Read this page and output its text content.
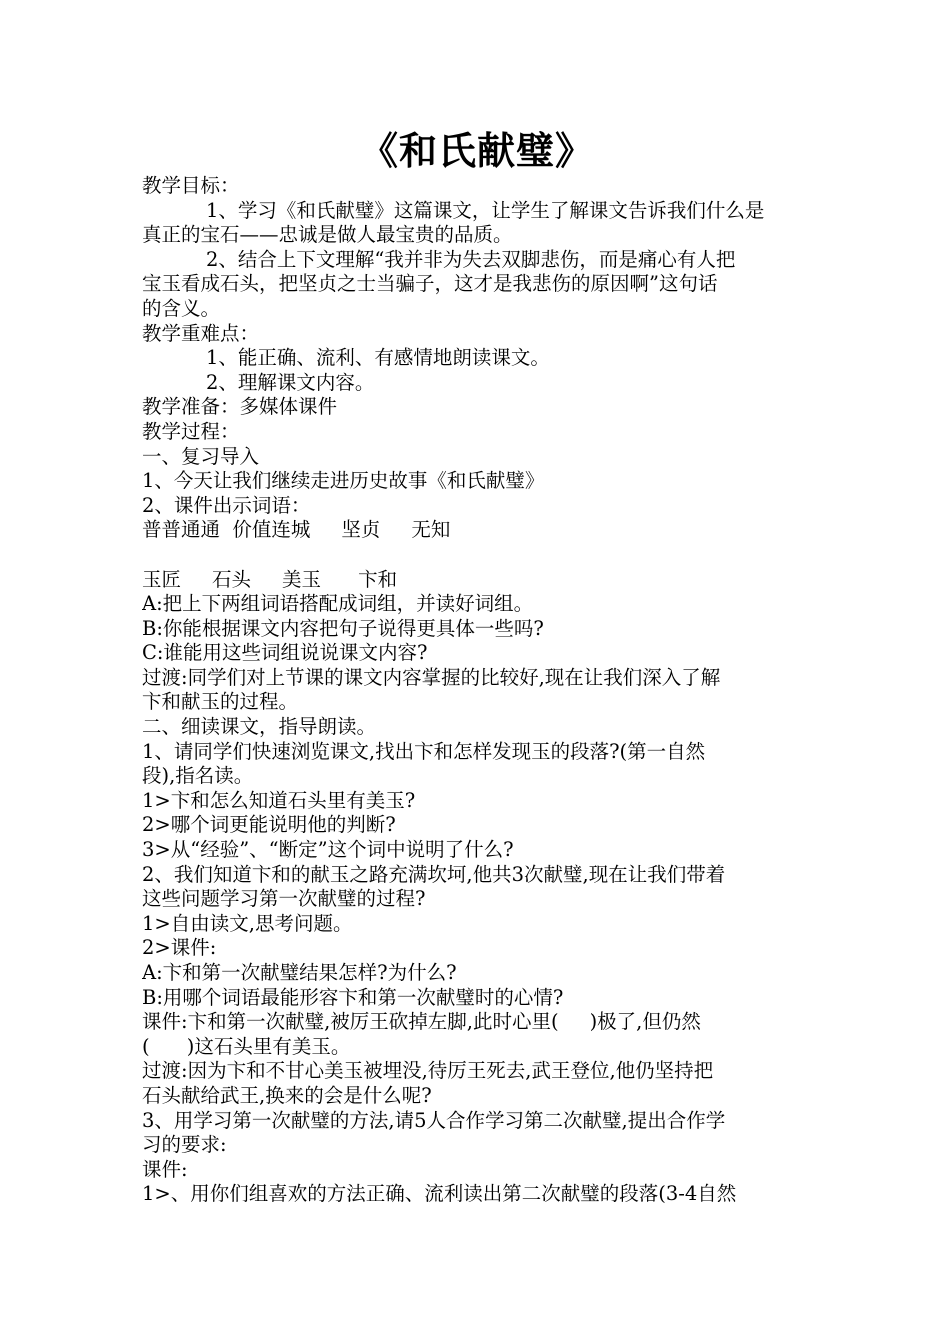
《和氏献璧》
教学目标：
1、学习《和氏献璧》这篇课文，让学生了解课文告诉我们什么是
真正的宝石——忠诚是做人最宝贵的品质。
2、结合上下文理解“我并非为失去双脚悲伤，而是痛心有人把
宝玉看成石头，把坚贞之士当骗子，这才是我悲伤的原因啊”这句话
的含义。
教学重难点：
1、能正确、流利、有感情地朗读课文。
2、理解课文内容。
教学准备：多媒体课件
教学过程：
一、复习导入
1、今天让我们继续走进历史故事《和氏献璧》
2、课件出示词语：
普普通通  价值连城     坚贞     无知
玉匠     石头     美玉      卞和
A:把上下两组词语搭配成词组，并读好词组。
B:你能根据课文内容把句子说得更具体一些吗?
C:谁能用这些词组说说课文内容?
过渡:同学们对上节课的课文内容掌握的比较好,现在让我们深入了解
卞和献玉的过程。
二、细读课文，指导朗读。
1、请同学们快速浏览课文,找出卞和怎样发现玉的段落?(第一自然
段),指名读。
1>卞和怎么知道石头里有美玉?
2>哪个词更能说明他的判断?
3>从“经验”、“断定”这个词中说明了什么?
2、我们知道卞和的献玉之路充满坎坷,他共3次献璧,现在让我们带着
这些问题学习第一次献璧的过程?
1>自由读文,思考问题。
2>课件:
A:卞和第一次献璧结果怎样?为什么?
B:用哪个词语最能形容卞和第一次献璧时的心情?
课件:卞和第一次献璧,被厉王砍掉左脚,此时心里(     )极了,但仍然
(      )这石头里有美玉。
过渡:因为卞和不甘心美玉被埋没,待厉王死去,武王登位,他仍坚持把
石头献给武王,换来的会是什么呢?
3、用学习第一次献璧的方法,请5人合作学习第二次献璧,提出合作学
习的要求:
课件:
1>、用你们组喜欢的方法正确、流利读出第二次献璧的段落(3-4自然
